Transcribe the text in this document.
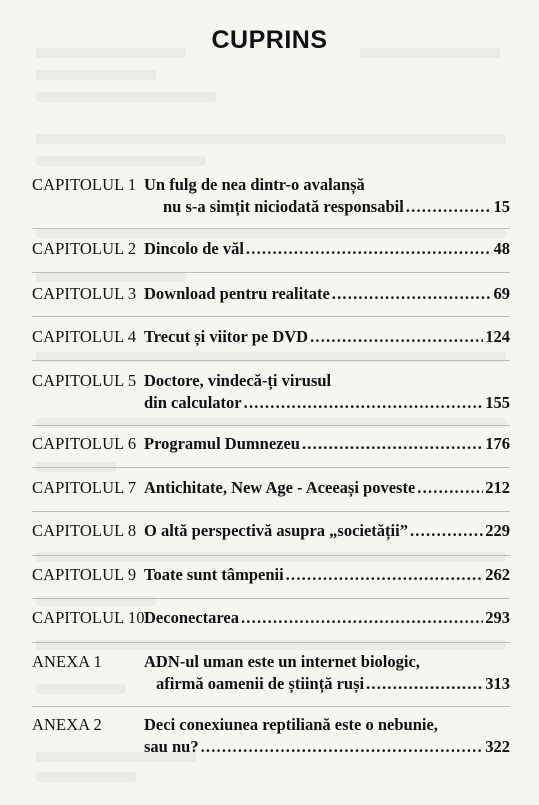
CUPRINS
CAPITOLUL 1 Un fulg de nea dintr-o avalanșă
nu s-a simțit niciodată responsabil .....	15
CAPITOLUL 2 Dincolo de văl .....	48
CAPITOLUL 3 Download pentru realitate .....	69
CAPITOLUL 4 Trecut și viitor pe DVD .....	124
CAPITOLUL 5 Doctore, vindecă-ți virusul
din calculator .....	155
CAPITOLUL 6 Programul Dumnezeu .....	176
CAPITOLUL 7 Antichitate, New Age - Aceeași poveste .....	212
CAPITOLUL 8 O altă perspectivă asupra „societății” .....	229
CAPITOLUL 9 Toate sunt tâmpenii .....	262
CAPITOLUL 10 Deconectarea .....	293
ANEXA 1	ADN-ul uman este un internet biologic,
afirmă oamenii de știință ruși .....	313
ANEXA 2	Deci conexiunea reptiliană este o nebunie,
sau nu? .....	322
